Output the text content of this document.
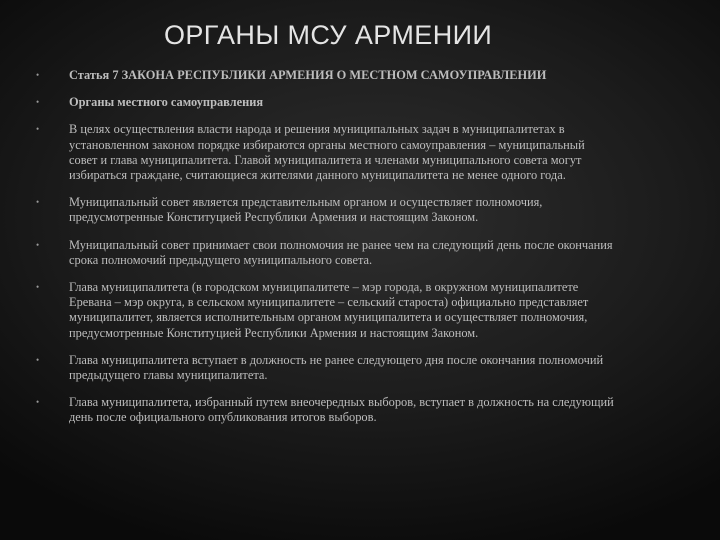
ОРГАНЫ МСУ АРМЕНИИ
• Статья 7 ЗАКОНА РЕСПУБЛИКИ АРМЕНИЯ О МЕСТНОМ САМОУПРАВЛЕНИИ
• Органы местного самоуправления
• В целях осуществления власти народа и решения муниципальных задач в муниципалитетах в установленном законом порядке избираются органы местного самоуправления – муниципальный совет и глава муниципалитета. Главой муниципалитета и членами муниципального совета могут избираться граждане, считающиеся жителями данного муниципалитета не менее одного года.
• Муниципальный совет является представительным органом и осуществляет полномочия, предусмотренные Конституцией Республики Армения и настоящим Законом.
• Муниципальный совет принимает свои полномочия не ранее чем на следующий день после окончания срока полномочий предыдущего муниципального совета.
• Глава муниципалитета (в городском муниципалитете – мэр города, в окружном муниципалитете Еревана – мэр округа, в сельском муниципалитете – сельский староста) официально представляет муниципалитет, является исполнительным органом муниципалитета и осуществляет полномочия, предусмотренные Конституцией Республики Армения и настоящим Законом.
• Глава муниципалитета вступает в должность не ранее следующего дня после окончания полномочий предыдущего главы муниципалитета.
• Глава муниципалитета, избранный путем внеочередных выборов, вступает в должность на следующий день после официального опубликования итогов выборов.
